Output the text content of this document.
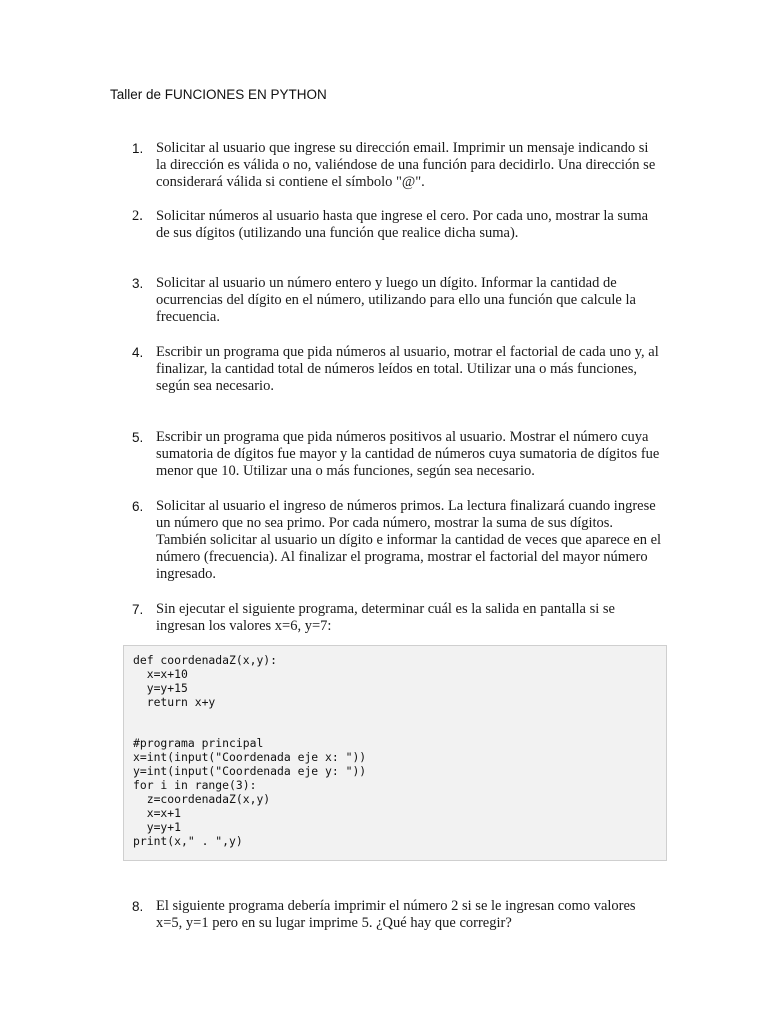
Taller de FUNCIONES EN PYTHON
1. Solicitar al usuario que ingrese su dirección email. Imprimir un mensaje indicando si la dirección es válida o no, valiéndose de una función para decidirlo. Una dirección se considerará válida si contiene el símbolo "@".
2. Solicitar números al usuario hasta que ingrese el cero. Por cada uno, mostrar la suma de sus dígitos (utilizando una función que realice dicha suma).
3. Solicitar al usuario un número entero y luego un dígito. Informar la cantidad de ocurrencias del dígito en el número, utilizando para ello una función que calcule la frecuencia.
4. Escribir un programa que pida números al usuario, motrar el factorial de cada uno y, al finalizar, la cantidad total de números leídos en total. Utilizar una o más funciones, según sea necesario.
5. Escribir un programa que pida números positivos al usuario. Mostrar el número cuya sumatoria de dígitos fue mayor y la cantidad de números cuya sumatoria de dígitos fue menor que 10. Utilizar una o más funciones, según sea necesario.
6. Solicitar al usuario el ingreso de números primos. La lectura finalizará cuando ingrese un número que no sea primo. Por cada número, mostrar la suma de sus dígitos. También solicitar al usuario un dígito e informar la cantidad de veces que aparece en el número (frecuencia). Al finalizar el programa, mostrar el factorial del mayor número ingresado.
7. Sin ejecutar el siguiente programa, determinar cuál es la salida en pantalla si se ingresan los valores x=6, y=7:
def coordenadaZ(x,y):
x=x+10
y=y+15
return x+y

#programa principal
x=int(input("Coordenada eje x: "))
y=int(input("Coordenada eje y: "))
for i in range(3):
z=coordenadaZ(x,y)
x=x+1
y=y+1
print(x," . ",y)
8. El siguiente programa debería imprimir el número 2 si se le ingresan como valores x=5, y=1 pero en su lugar imprime 5. ¿Qué hay que corregir?
